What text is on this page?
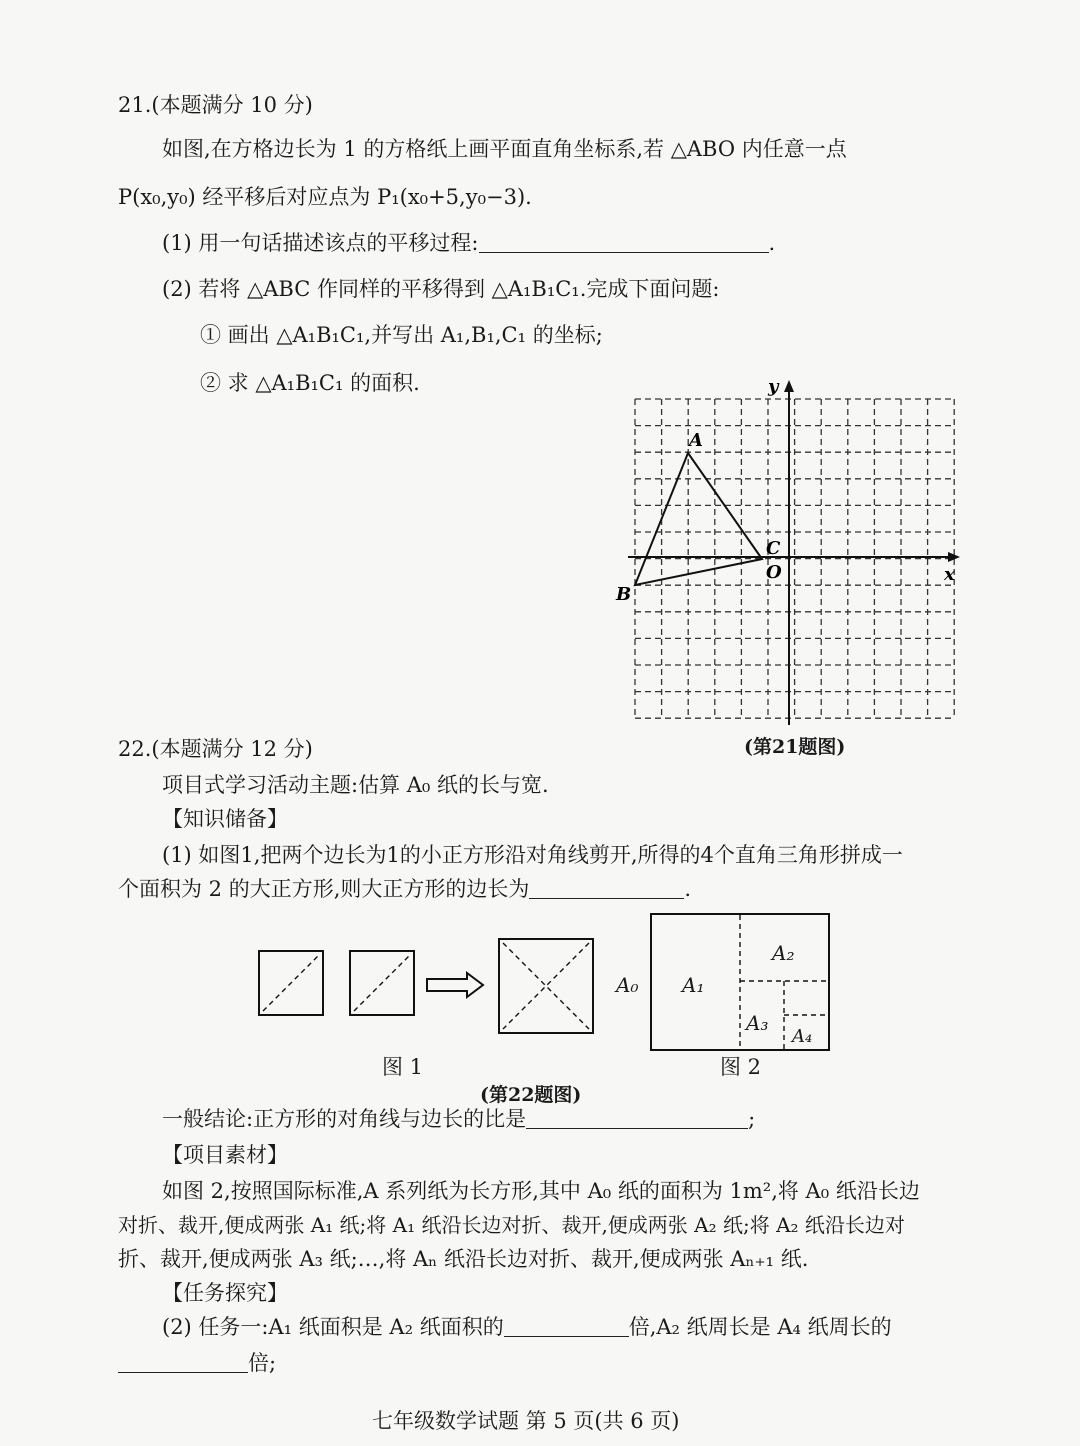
21.(本题满分 10 分)
如图,在方格边长为 1 的方格纸上画平面直角坐标系,若 △ABO 内任意一点
P(x₀,y₀) 经平移后对应点为 P₁(x₀+5,y₀−3).
(1) 用一句话描述该点的平移过程:	.
(2) 若将 △ABC 作同样的平移得到 △A₁B₁C₁.完成下面问题:
① 画出 △A₁B₁C₁,并写出 A₁,B₁,C₁ 的坐标;
② 求 △A₁B₁C₁ 的面积.
A
B
C
O	x
y
(第21题图)
22.(本题满分 12 分)
项目式学习活动主题:估算 A₀ 纸的长与宽.
【知识储备】
(1) 如图1,把两个边长为1的小正方形沿对角线剪开,所得的4个直角三角形拼成一
个面积为 2 的大正方形,则大正方形的边长为	.
A₀ A₁
A₂
A₃
A₄
图 1	图 2
(第22题图)
一般结论:正方形的对角线与边长的比是	;
【项目素材】
如图 2,按照国际标准,A 系列纸为长方形,其中 A₀ 纸的面积为 1m²,将 A₀ 纸沿长边
对折、裁开,便成两张 A₁ 纸;将 A₁ 纸沿长边对折、裁开,便成两张 A₂ 纸;将 A₂ 纸沿长边对
折、裁开,便成两张 A₃ 纸;…,将 Aₙ 纸沿长边对折、裁开,便成两张 Aₙ₊₁ 纸.
【任务探究】
(2) 任务一:A₁ 纸面积是 A₂ 纸面积的	倍,A₂ 纸周长是 A₄ 纸周长的
倍;
七年级数学试题 第 5 页(共 6 页)
